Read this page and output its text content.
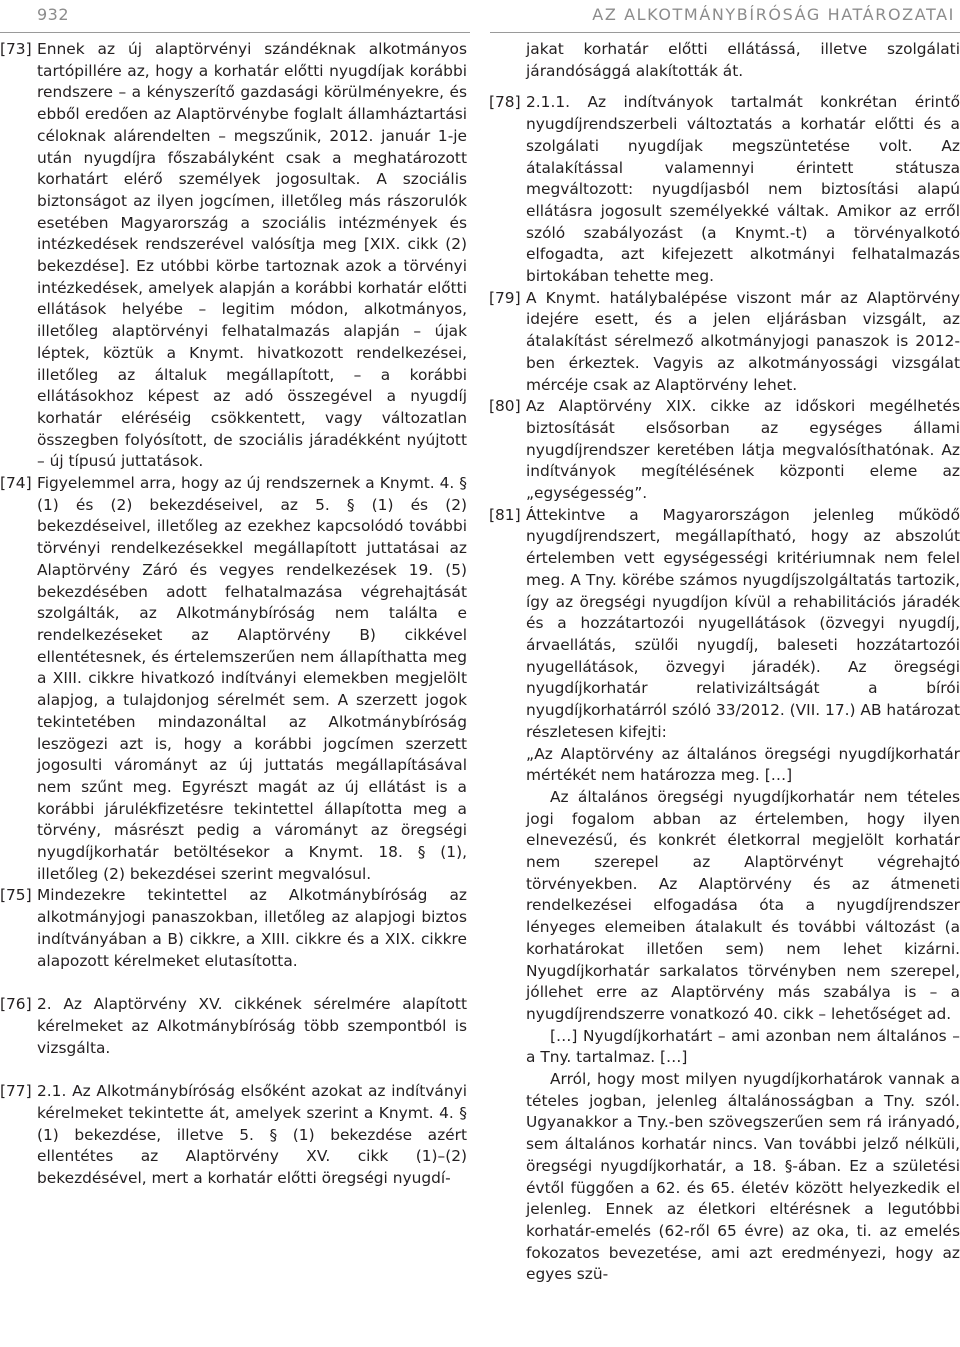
932	AZ ALKOTMÁNYBÍRÓSÁG HATÁROZATAI

[73] Ennek az új alaptörvényi szándéknak alkotmányos tartópillére az, hogy a korhatár előtti nyugdíjak korábbi rendszere – a kényszerítő gazdasági körülményekre, és ebből eredően az Alaptörvénybe foglalt államháztartási céloknak alárendelten – megszűnik, 2012. január 1-je után nyugdíjra főszabályként csak a meghatározott korhatárt elérő személyek jogosultak. A szociális biztonságot az ilyen jogcímen, illetőleg más rászorulók esetében Magyarország a szociális intézmények és intézkedések rendszerével valósítja meg [XIX. cikk (2) bekezdése]. Ez utóbbi körbe tartoznak azok a törvényi intézkedések, amelyek alapján a korábbi korhatár előtti ellátások helyébe – legitim módon, alkotmányos, illetőleg alaptörvényi felhatalmazás alapján – újak léptek, köztük a Knymt. hivatkozott rendelkezései, illetőleg az általuk megállapított, – a korábbi ellátásokhoz képest az adó összegével a nyugdíj korhatár eléréséig csökkentett, vagy változatlan összegben folyósított, de szociális járadékként nyújtott – új típusú juttatások.

[74] Figyelemmel arra, hogy az új rendszernek a Knymt. 4. § (1) és (2) bekezdéseivel, az 5. § (1) és (2) bekezdéseivel, illetőleg az ezekhez kapcsolódó további törvényi rendelkezésekkel megállapított juttatásai az Alaptörvény Záró és vegyes rendelkezések 19. (5) bekezdésében adott felhatalmazása végrehajtását szolgálták, az Alkotmánybíróság nem találta e rendelkezéseket az Alaptörvény B) cikkével ellentétesnek, és értelemszerűen nem állapíthatta meg a XIII. cikkre hivatkozó indítványi elemekben megjelölt alapjog, a tulajdonjog sérelmét sem. A szerzett jogok tekintetében mindazonáltal az Alkotmánybíróság leszögezi azt is, hogy a korábbi jogcímen szerzett jogosulti várományt az új juttatás megállapításával nem szűnt meg. Egyrészt magát az új ellátást is a korábbi járulékfizetésre tekintettel állapította meg a törvény, másrészt pedig a várományt az öregségi nyugdíjkorhatár betöltésekor a Knymt. 18. § (1), illetőleg (2) bekezdései szerint megvalósul.

[75] Mindezekre tekintettel az Alkotmánybíróság az alkotmányjogi panaszokban, illetőleg az alapjogi biztos indítványában a B) cikkre, a XIII. cikkre és a XIX. cikkre alapozott kérelmeket elutasította.

[76] 2. Az Alaptörvény XV. cikkének sérelmére alapított kérelmeket az Alkotmánybíróság több szempontból is vizsgálta.

[77] 2.1. Az Alkotmánybíróság elsőként azokat az indítványi kérelmeket tekintette át, amelyek szerint a Knymt. 4. § (1) bekezdése, illetve 5. § (1) bekezdése azért ellentétes az Alaptörvény XV. cikk (1)–(2) bekezdésével, mert a korhatár előtti öregségi nyugdí-

jakat korhatár előtti ellátássá, illetve szolgálati járandósággá alakították át.

[78] 2.1.1. Az indítványok tartalmát konkrétan érintő nyugdíjrendszerbeli változtatás a korhatár előtti és a szolgálati nyugdíjak megszüntetése volt. Az átalakítással valamennyi érintett státusza megváltozott: nyugdíjasból nem biztosítási alapú ellátásra jogosult személyekké váltak. Amikor az erről szóló szabályozást (a Knymt.-t) a törvényalkotó elfogadta, azt kifejezett alkotmányi felhatalmazás birtokában tehette meg.

[79] A Knymt. hatálybalépése viszont már az Alaptörvény idejére esett, és a jelen eljárásban vizsgált, az átalakítást sérelmező alkotmányjogi panaszok is 2012-ben érkeztek. Vagyis az alkotmányossági vizsgálat mércéje csak az Alaptörvény lehet.

[80] Az Alaptörvény XIX. cikke az időskori megélhetés biztosítását elsősorban az egységes állami nyugdíjrendszer keretében látja megvalósíthatónak. Az indítványok megítélésének központi eleme az „egységesség”.

[81] Áttekintve a Magyarországon jelenleg működő nyugdíjrendszert, megállapítható, hogy az abszolút értelemben vett egységességi kritériumnak nem felel meg. A Tny. körébe számos nyugdíjszolgáltatás tartozik, így az öregségi nyugdíjon kívül a rehabilitációs járadék és a hozzátartozói nyugellátások (özvegyi nyugdíj, árvaellátás, szülői nyugdíj, baleseti hozzátartozói nyugellátások, özvegyi járadék). Az öregségi nyugdíjkorhatár relativizáltságát a bírói nyugdíjkorhatárról szóló 33/2012. (VII. 17.) AB határozat részletesen kifejti:

„Az Alaptörvény az általános öregségi nyugdíjkorhatár mértékét nem határozza meg. […]

Az általános öregségi nyugdíjkorhatár nem tételes jogi fogalom abban az értelemben, hogy ilyen elnevezésű, és konkrét életkorral megjelölt korhatár nem szerepel az Alaptörvényt végrehajtó törvényekben. Az Alaptörvény és az átmeneti rendelkezései elfogadása óta a nyugdíjrendszer lényeges elemeiben átalakult és további változást (a korhatárokat illetően sem) nem lehet kizárni. Nyugdíjkorhatár sarkalatos törvényben nem szerepel, jóllehet erre az Alaptörvény más szabálya is – a nyugdíjrendszerre vonatkozó 40. cikk – lehetőséget ad.

[…] Nyugdíjkorhatárt – ami azonban nem általános – a Tny. tartalmaz. […]

Arról, hogy most milyen nyugdíjkorhatárok vannak a tételes jogban, jelenleg általánosságban a Tny. szól. Ugyanakkor a Tny.-ben szövegszerűen sem rá irányadó, sem általános korhatár nincs. Van további jelző nélküli, öregségi nyugdíjkorhatár, a 18. §-ában. Ez a születési évtől függően a 62. és 65. életév között helyezkedik el jelenleg. Ennek az életkori eltérésnek a legutóbbi korhatár-emelés (62-ről 65 évre) az oka, ti. az emelés fokozatos bevezetése, ami azt eredményezi, hogy az egyes szü-
